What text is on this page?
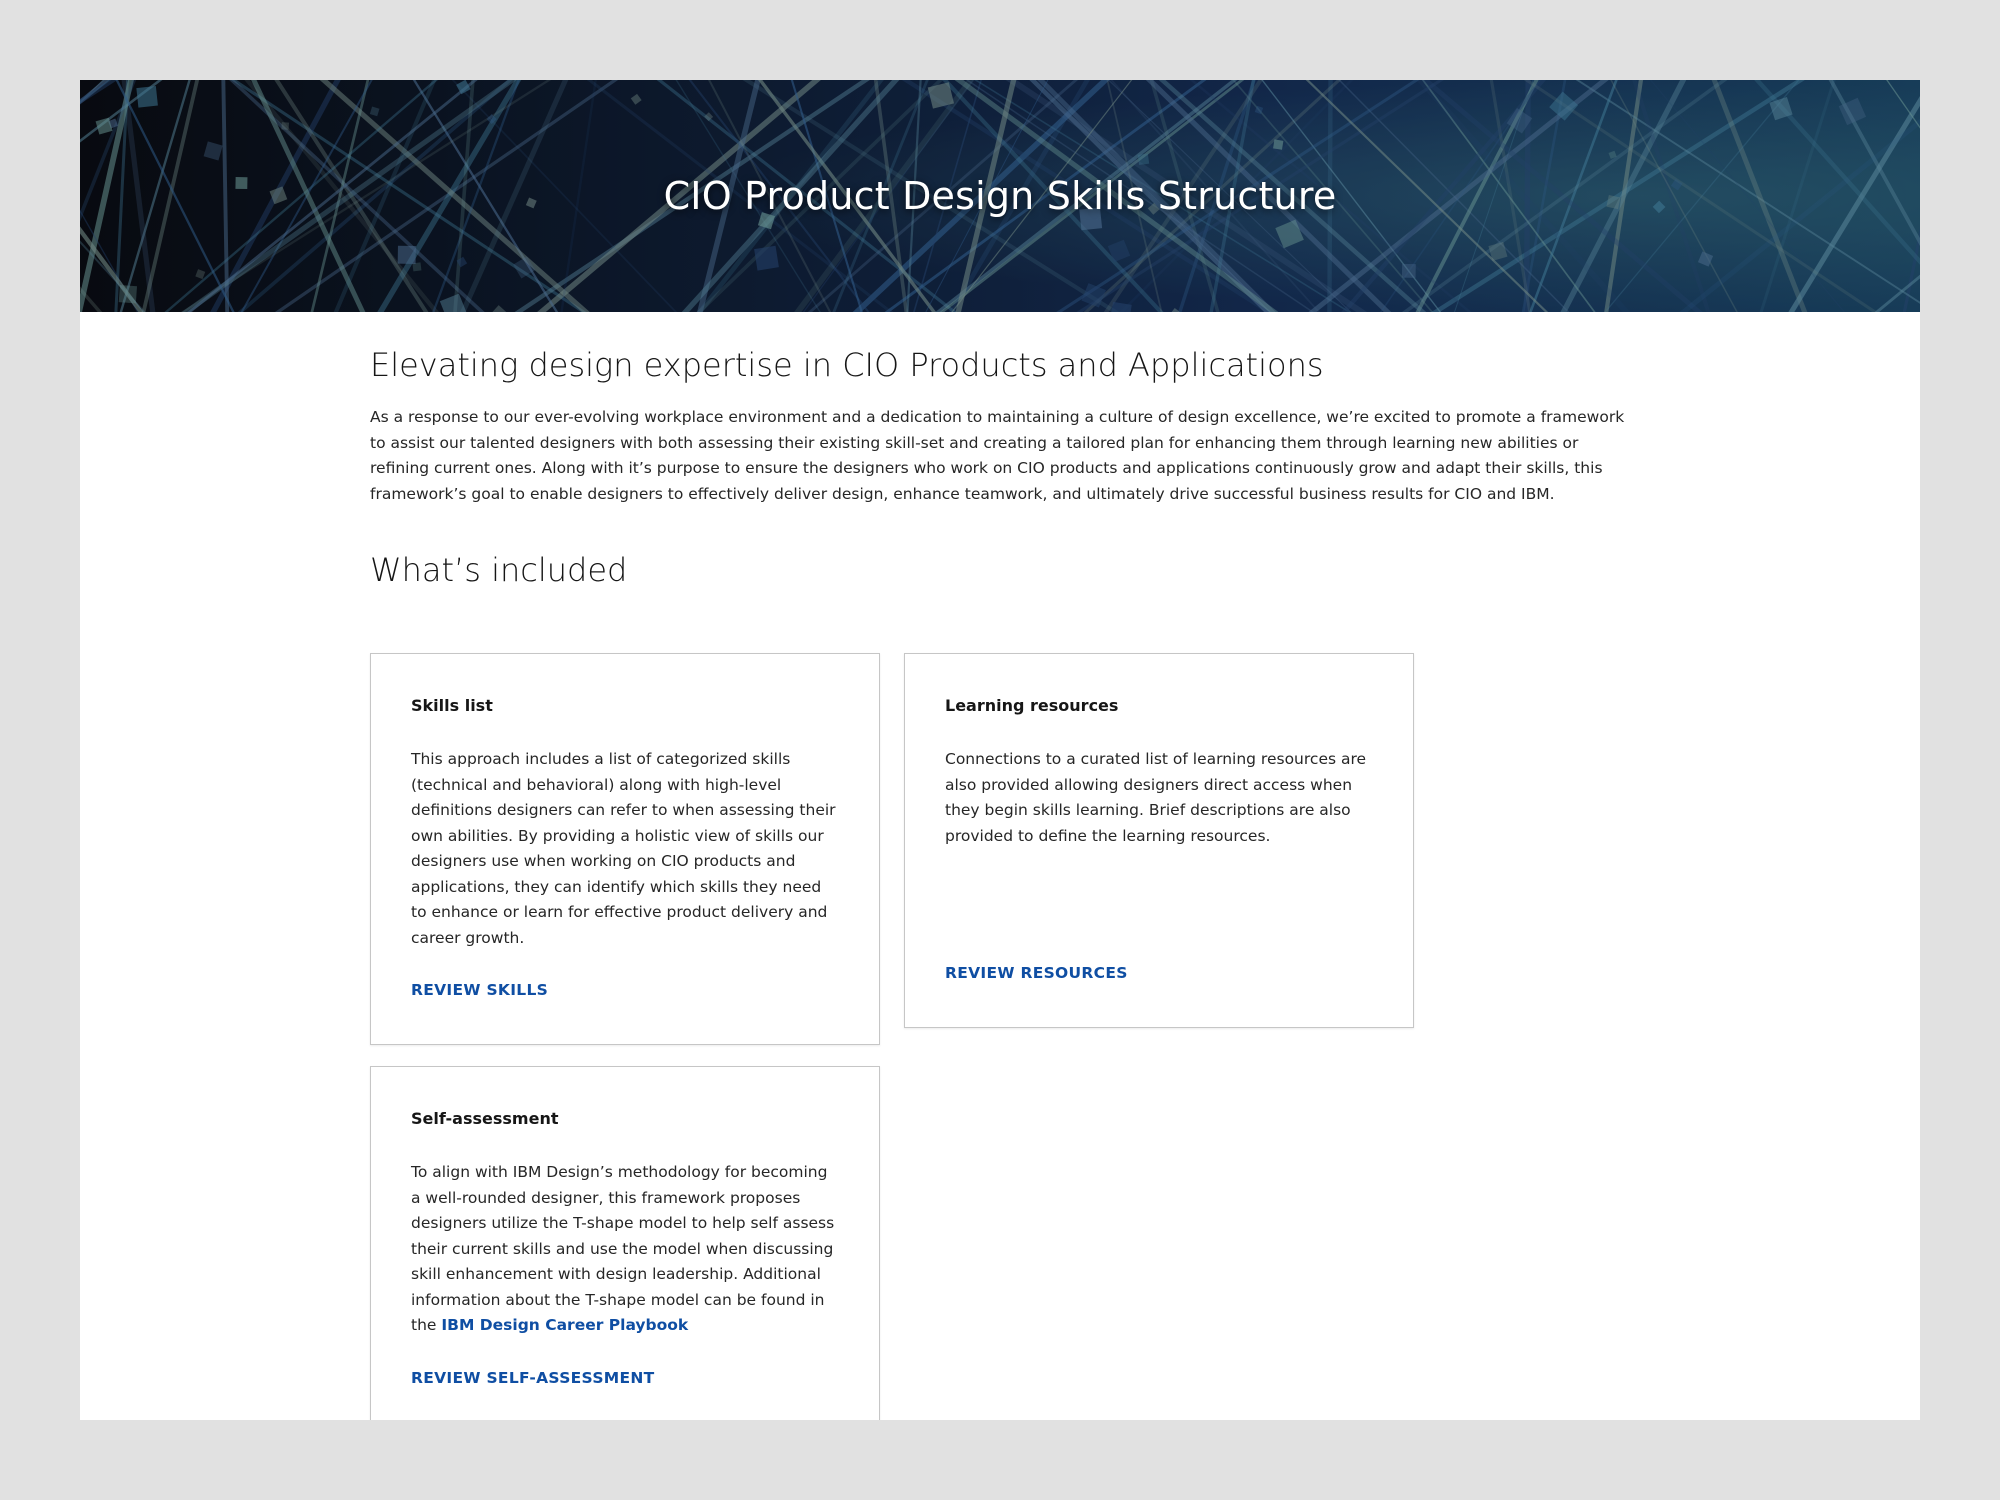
CIO Product Design Skills Structure
Elevating design expertise in CIO Products and Applications

As a response to our ever-evolving workplace environment and a dedication to maintaining a culture of design excellence, we’re excited to promote a framework to assist our talented designers with both assessing their existing skill-set and creating a tailored plan for enhancing them through learning new abilities or refining current ones. Along with it’s purpose to ensure the designers who work on CIO products and applications continuously grow and adapt their skills, this framework’s goal to enable designers to effectively deliver design, enhance teamwork, and ultimately drive successful business results for CIO and IBM.

What’s included
Skills list

This approach includes a list of categorized skills (technical and behavioral) along with high-level definitions designers can refer to when assessing their own abilities. By providing a holistic view of skills our designers use when working on CIO products and applications, they can identify which skills they need to enhance or learn for effective product delivery and career growth.

REVIEW SKILLS
Learning resources

Connections to a curated list of learning resources are also provided allowing designers direct access when they begin skills learning. Brief descriptions are also provided to define the learning resources.

REVIEW RESOURCES
Self-assessment

To align with IBM Design’s methodology for becoming a well-rounded designer, this framework proposes designers utilize the T-shape model to help self assess their current skills and use the model when discussing skill enhancement with design leadership. Additional information about the T-shape model can be found in the IBM Design Career Playbook

REVIEW SELF-ASSESSMENT
